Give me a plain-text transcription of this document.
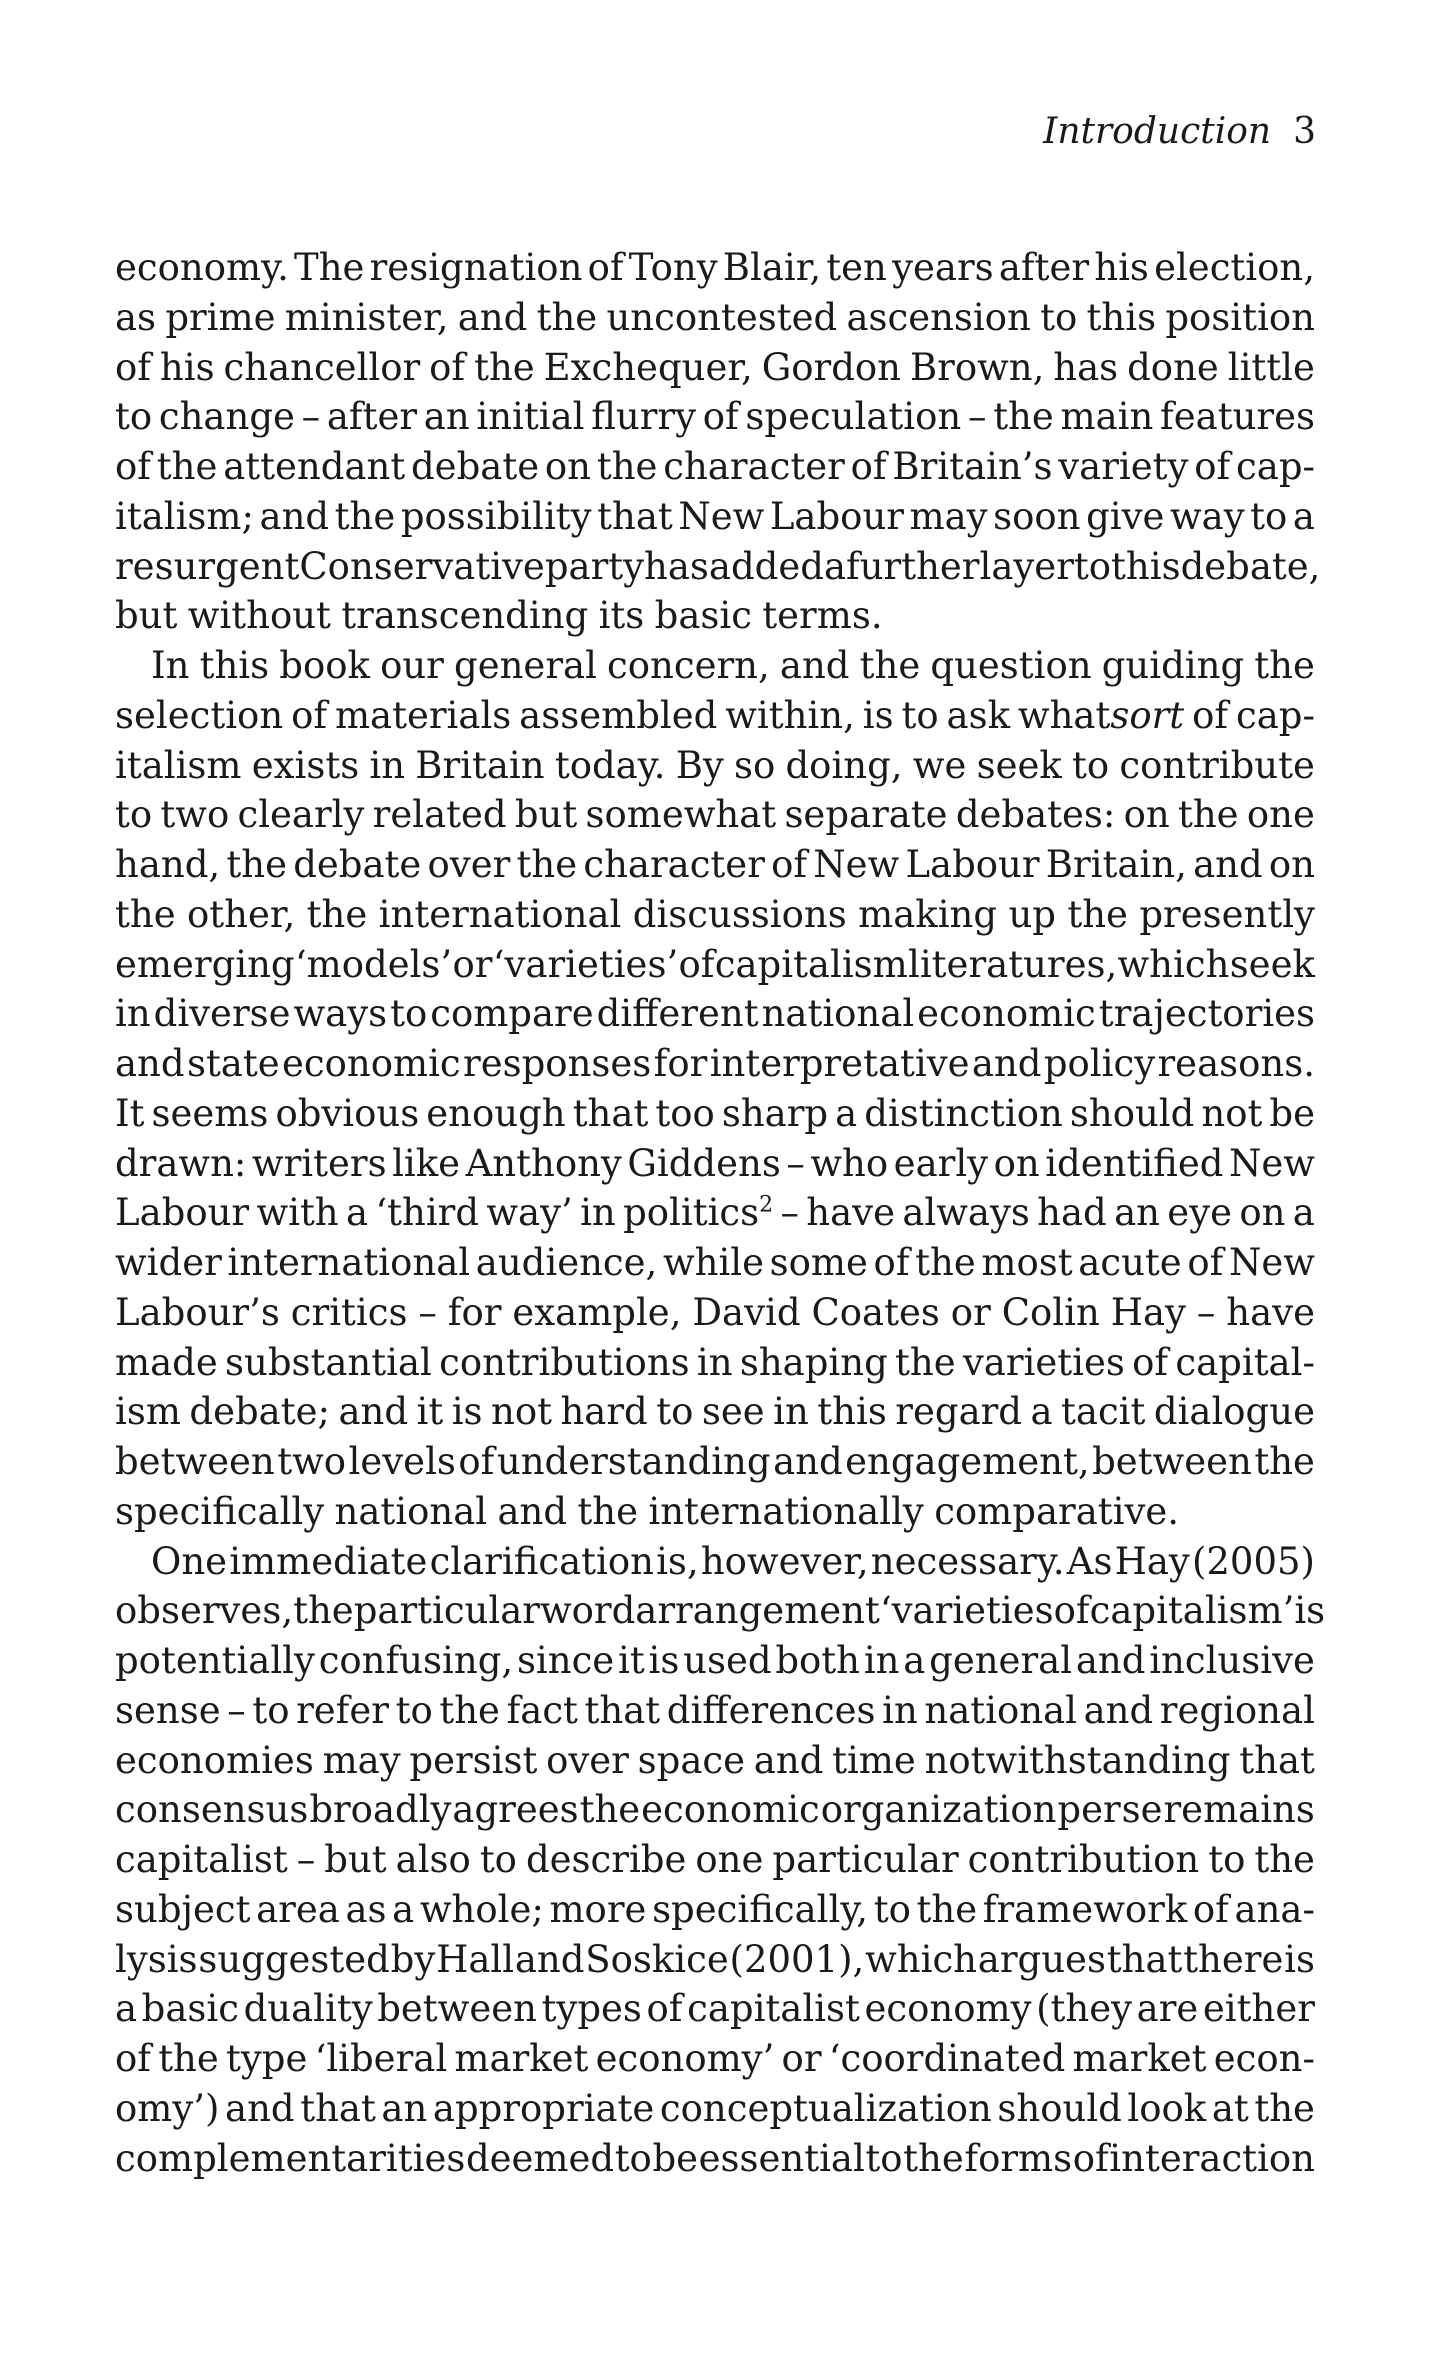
Introduction 3
economy. The resignation of Tony Blair, ten years after his election,
as prime minister, and the uncontested ascension to this position
of his chancellor of the Exchequer, Gordon Brown, has done little
to change – after an initial flurry of speculation – the main features
of the attendant debate on the character of Britain’s variety of cap-
italism; and the possibility that New Labour may soon give way to a
resurgent Conservative party has added a further layer to this debate,
but without transcending its basic terms.
In this book our general concern, and the question guiding the
selection of materials assembled within, is to ask whatsort of cap-
italism exists in Britain today. By so doing, we seek to contribute
to two clearly related but somewhat separate debates: on the one
hand, the debate over the character of New Labour Britain, and on
the other, the international discussions making up the presently
emerging ‘models’ or ‘varieties’ of capitalism literatures, which seek
in diverse ways to compare different national economic trajectories
and state economic responses for interpretative and policy reasons.
It seems obvious enough that too sharp a distinction should not be
drawn: writers like Anthony Giddens – who early on identified New
Labour with a ‘third way’ in politics$^2$ – have always had an eye on a
wider international audience, while some of the most acute of New
Labour’s critics – for example, David Coates or Colin Hay – have
made substantial contributions in shaping the varieties of capital-
ism debate; and it is not hard to see in this regard a tacit dialogue
between two levels of understanding and engagement, between the
specifically national and the internationally comparative.
One immediate clarification is, however, necessary. As Hay (2005)
observes, the particular word arrangement ‘varieties of capitalism’ is
potentially confusing, since it is used both in a general and inclusive
sense – to refer to the fact that differences in national and regional
economies may persist over space and time notwithstanding that
consensus broadly agrees the economic organization per se remains
capitalist – but also to describe one particular contribution to the
subject area as a whole; more specifically, to the framework of ana-
lysis suggested by Hall and Soskice (2001), which argues that there is
a basic duality between types of capitalist economy (they are either
of the type ‘liberal market economy’ or ‘coordinated market econ-
omy’) and that an appropriate conceptualization should look at the
complementarities deemed to be essential to the forms of interaction
